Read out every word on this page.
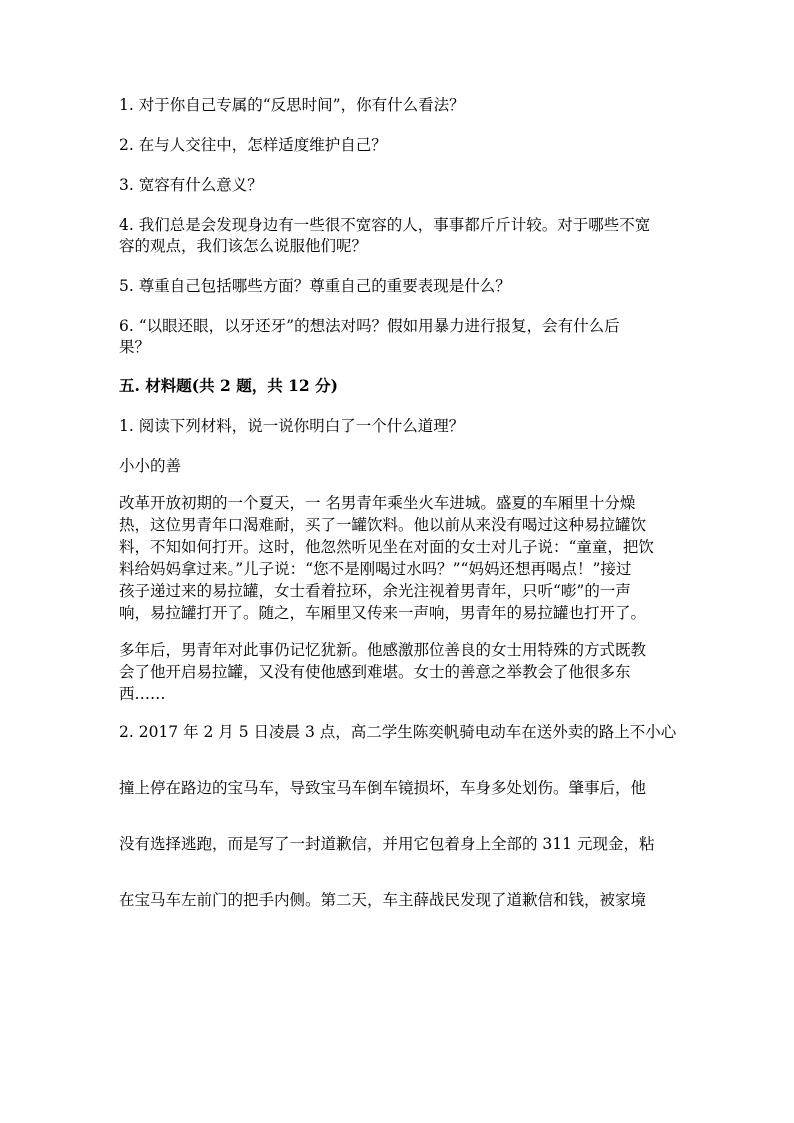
1. 对于你自己专属的“反思时间”，你有什么看法？

2. 在与人交往中，怎样适度维护自己？

3. 宽容有什么意义？

4. 我们总是会发现身边有一些很不宽容的人，事事都斤斤计较。对于哪些不宽

容的观点，我们该怎么说服他们呢？

5. 尊重自己包括哪些方面？尊重自己的重要表现是什么？

6. “以眼还眼，以牙还牙”的想法对吗？假如用暴力进行报复，会有什么后

果？

五. 材料题(共 2 题，共 12 分)

1. 阅读下列材料，说一说你明白了一个什么道理？

小小的善

改革开放初期的一个夏天，一 名男青年乘坐火车进城。盛夏的车厢里十分燥

热，这位男青年口渴难耐，买了一罐饮料。他以前从来没有喝过这种易拉罐饮

料，不知如何打开。这时，他忽然听见坐在对面的女士对儿子说：“童童，把饮

料给妈妈拿过来。”儿子说：“您不是刚喝过水吗？”“妈妈还想再喝点！”接过

孩子递过来的易拉罐，女士看着拉环，余光注视着男青年，只听“嘭”的一声

响，易拉罐打开了。随之，车厢里又传来一声响，男青年的易拉罐也打开了。

多年后，男青年对此事仍记忆犹新。他感激那位善良的女士用特殊的方式既教

会了他开启易拉罐，又没有使他感到难堪。女士的善意之举教会了他很多东

西……

2. 2017 年 2 月 5 日凌晨 3 点，高二学生陈奕帆骑电动车在送外卖的路上不小心

撞上停在路边的宝马车，导致宝马车倒车镜损坏，车身多处划伤。肇事后，他

没有选择逃跑，而是写了一封道歉信，并用它包着身上全部的 311 元现金，粘

在宝马车左前门的把手内侧。第二天，车主薛战民发现了道歉信和钱，被家境
